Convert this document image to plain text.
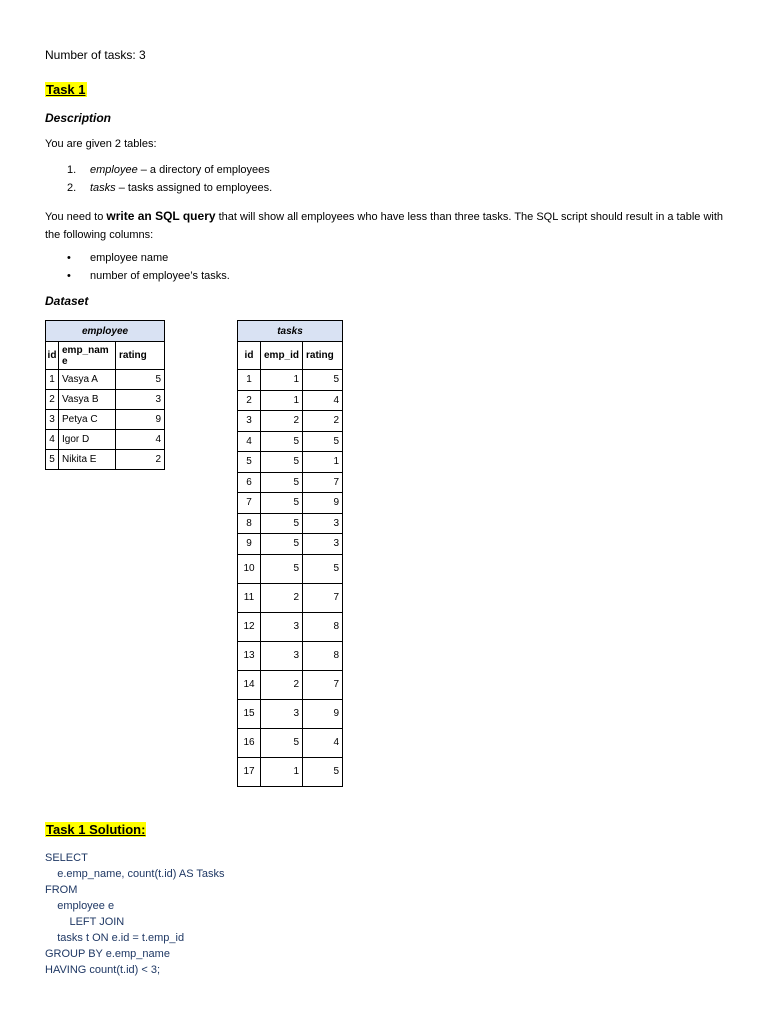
Number of tasks: 3
Task 1
Description
You are given 2 tables:
1. employee – a directory of employees
2. tasks – tasks assigned to employees.
You need to write an SQL query that will show all employees who have less than three tasks. The SQL script should result in a table with the following columns:
• employee name
• number of employee’s tasks.
Dataset
employee		
id	emp_name	rating
1	Vasya A	5
2	Vasya B	3
3	Petya C	9
4	Igor D	4
5	Nikita E	2
tasks		
id	emp_id	rating
1	1	5
2	1	4
3	2	2
4	5	5
5	5	1
6	5	7
7	5	9
8	5	3
9	5	3
10	5	5
11	2	7
12	3	8
13	3	8
14	2	7
15	3	9
16	5	4
17	1	5
Task 1 Solution:
SELECT
e.emp_name, count(t.id) AS Tasks
FROM
employee e
LEFT JOIN
tasks t ON e.id = t.emp_id
GROUP BY e.emp_name
HAVING count(t.id) < 3;
